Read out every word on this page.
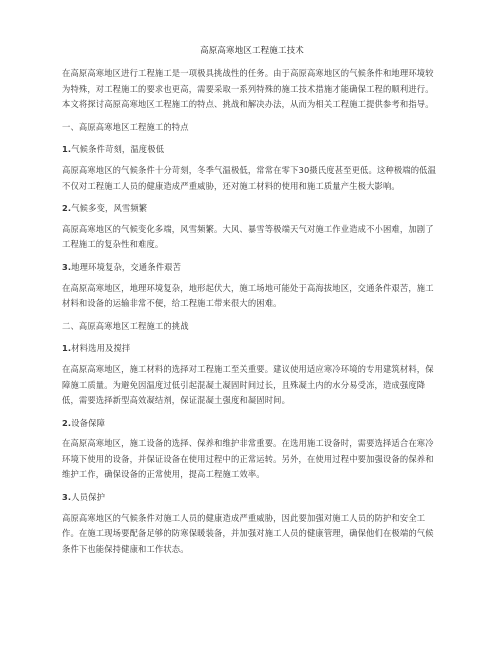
高原高寒地区工程施工技术

在高原高寒地区进行工程施工是一项极具挑战性的任务。由于高原高寒地区的气候条件和地理环境较为特殊，对工程施工的要求也更高，需要采取一系列特殊的施工技术措施才能确保工程的顺利进行。本文将探讨高原高寒地区工程施工的特点、挑战和解决办法，从而为相关工程施工提供参考和指导。

一、高原高寒地区工程施工的特点

1.气候条件苛刻，温度极低

高原高寒地区的气候条件十分苛刻，冬季气温极低，常常在零下30摄氏度甚至更低。这种极端的低温不仅对工程施工人员的健康造成严重威胁，还对施工材料的使用和施工质量产生极大影响。

2.气候多变，风雪频繁

高原高寒地区的气候变化多端，风雪频繁。大风、暴雪等极端天气对施工作业造成不小困难，加剧了工程施工的复杂性和难度。

3.地理环境复杂，交通条件艰苦

在高原高寒地区，地理环境复杂，地形起伏大，施工场地可能处于高海拔地区，交通条件艰苦，施工材料和设备的运输非常不便，给工程施工带来很大的困难。

二、高原高寒地区工程施工的挑战

1.材料选用及搅拌

在高原高寒地区，施工材料的选择对工程施工至关重要。建议使用适应寒冷环境的专用建筑材料，保障施工质量。为避免因温度过低引起混凝土凝固时间过长，且殊凝土内的水分易受冻，造成强度降低，需要选择新型高效凝结剂，保证混凝土强度和凝固时间。

2.设备保障

在高原高寒地区，施工设备的选择、保养和维护非常重要。在选用施工设备时，需要选择适合在寒冷环境下使用的设备，并保证设备在使用过程中的正常运转。另外，在使用过程中要加强设备的保养和维护工作，确保设备的正常使用，提高工程施工效率。

3.人员保护

高原高寒地区的气候条件对施工人员的健康造成严重威胁，因此要加强对施工人员的防护和安全工作。在施工现场要配备足够的防寒保暖装备，并加强对施工人员的健康管理，确保他们在极端的气候条件下也能保持健康和工作状态。
